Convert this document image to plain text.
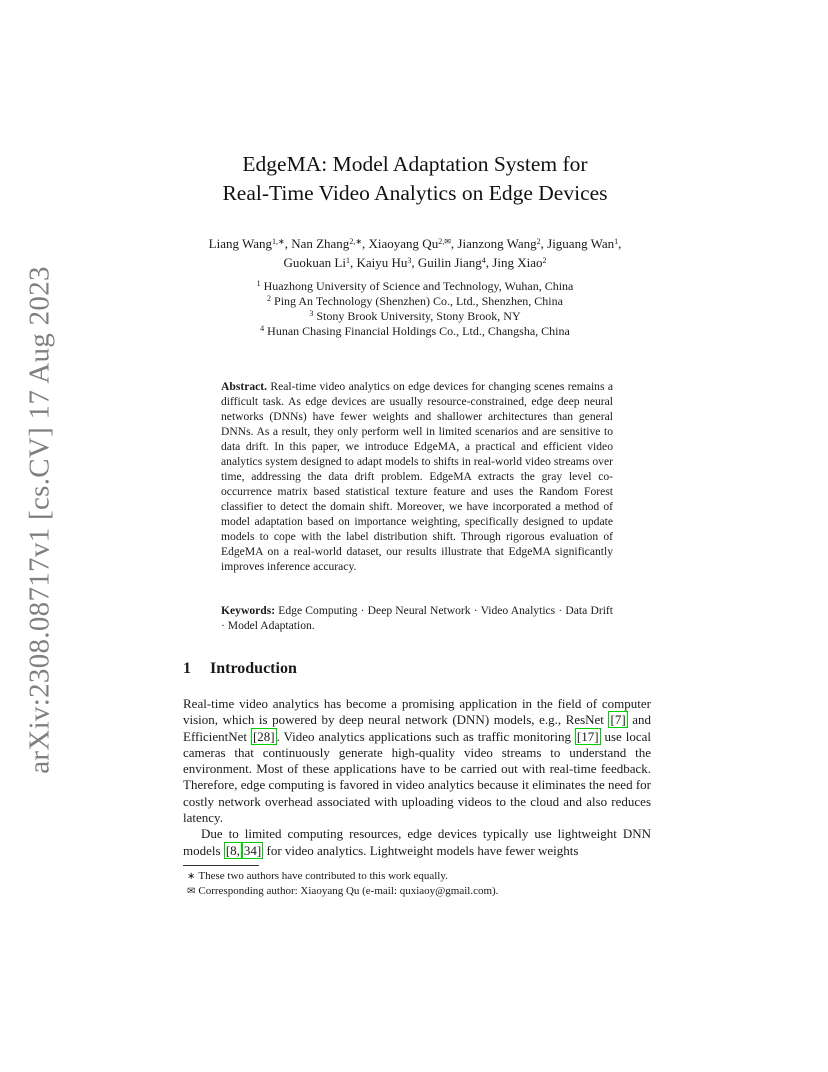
arXiv:2308.08717v1 [cs.CV] 17 Aug 2023
EdgeMA: Model Adaptation System for
Real-Time Video Analytics on Edge Devices
Liang Wang$^{1,∗}$, Nan Zhang$^{2,∗}$, Xiaoyang $Qu^{2,✉}$, Jianzong Wang$^2$, Jiguang Wan$^1$,
Guokuan Li$^1$, Kaiyu Hu$^3$, Guilin Jiang$^4$, Jing Xiao$^2$
$^1$ Huazhong University of Science and Technology, Wuhan, China
$^2$ Ping An Technology (Shenzhen) Co., Ltd., Shenzhen, China
$^3$ Stony Brook University, Stony Brook, NY
$^4$ Hunan Chasing Financial Holdings Co., Ltd., Changsha, China
Abstract. Real-time video analytics on edge devices for changing scenes remains a difficult task. As edge devices are usually resource-constrained, edge deep neural networks (DNNs) have fewer weights and shallower architectures than general DNNs. As a result, they only perform well in limited scenarios and are sensitive to data drift. In this paper, we introduce EdgeMA, a practical and efficient video analytics system designed to adapt models to shifts in real-world video streams over time, addressing the data drift problem. EdgeMA extracts the gray level co-occurrence matrix based statistical texture feature and uses the Random Forest classifier to detect the domain shift. Moreover, we have incorporated a method of model adaptation based on importance weighting, specifically designed to update models to cope with the label distribution shift. Through rigorous evaluation of EdgeMA on a real-world dataset, our results illustrate that EdgeMA significantly improves inference accuracy.
Keywords: Edge Computing · Deep Neural Network · Video Analytics · Data Drift · Model Adaptation.
1 Introduction

Real-time video analytics has become a promising application in the field of computer vision, which is powered by deep neural network (DNN) models, e.g., ResNet [7] and EfficientNet [28] . Video analytics applications such as traffic monitoring [17] use local cameras that continuously generate high-quality video streams to understand the environment. Most of these applications have to be carried out with real-time feedback. Therefore, edge computing is favored in video analytics because it eliminates the need for costly network overhead associated with uploading videos to the cloud and also reduces latency.

Due to limited computing resources, edge devices typically use lightweight DNN models [8, 34] for video analytics. Lightweight models have fewer weights

∗ These two authors have contributed to this work equally.
✉ Corresponding author: Xiaoyang Qu (e-mail: quxiaoy@gmail.com).
